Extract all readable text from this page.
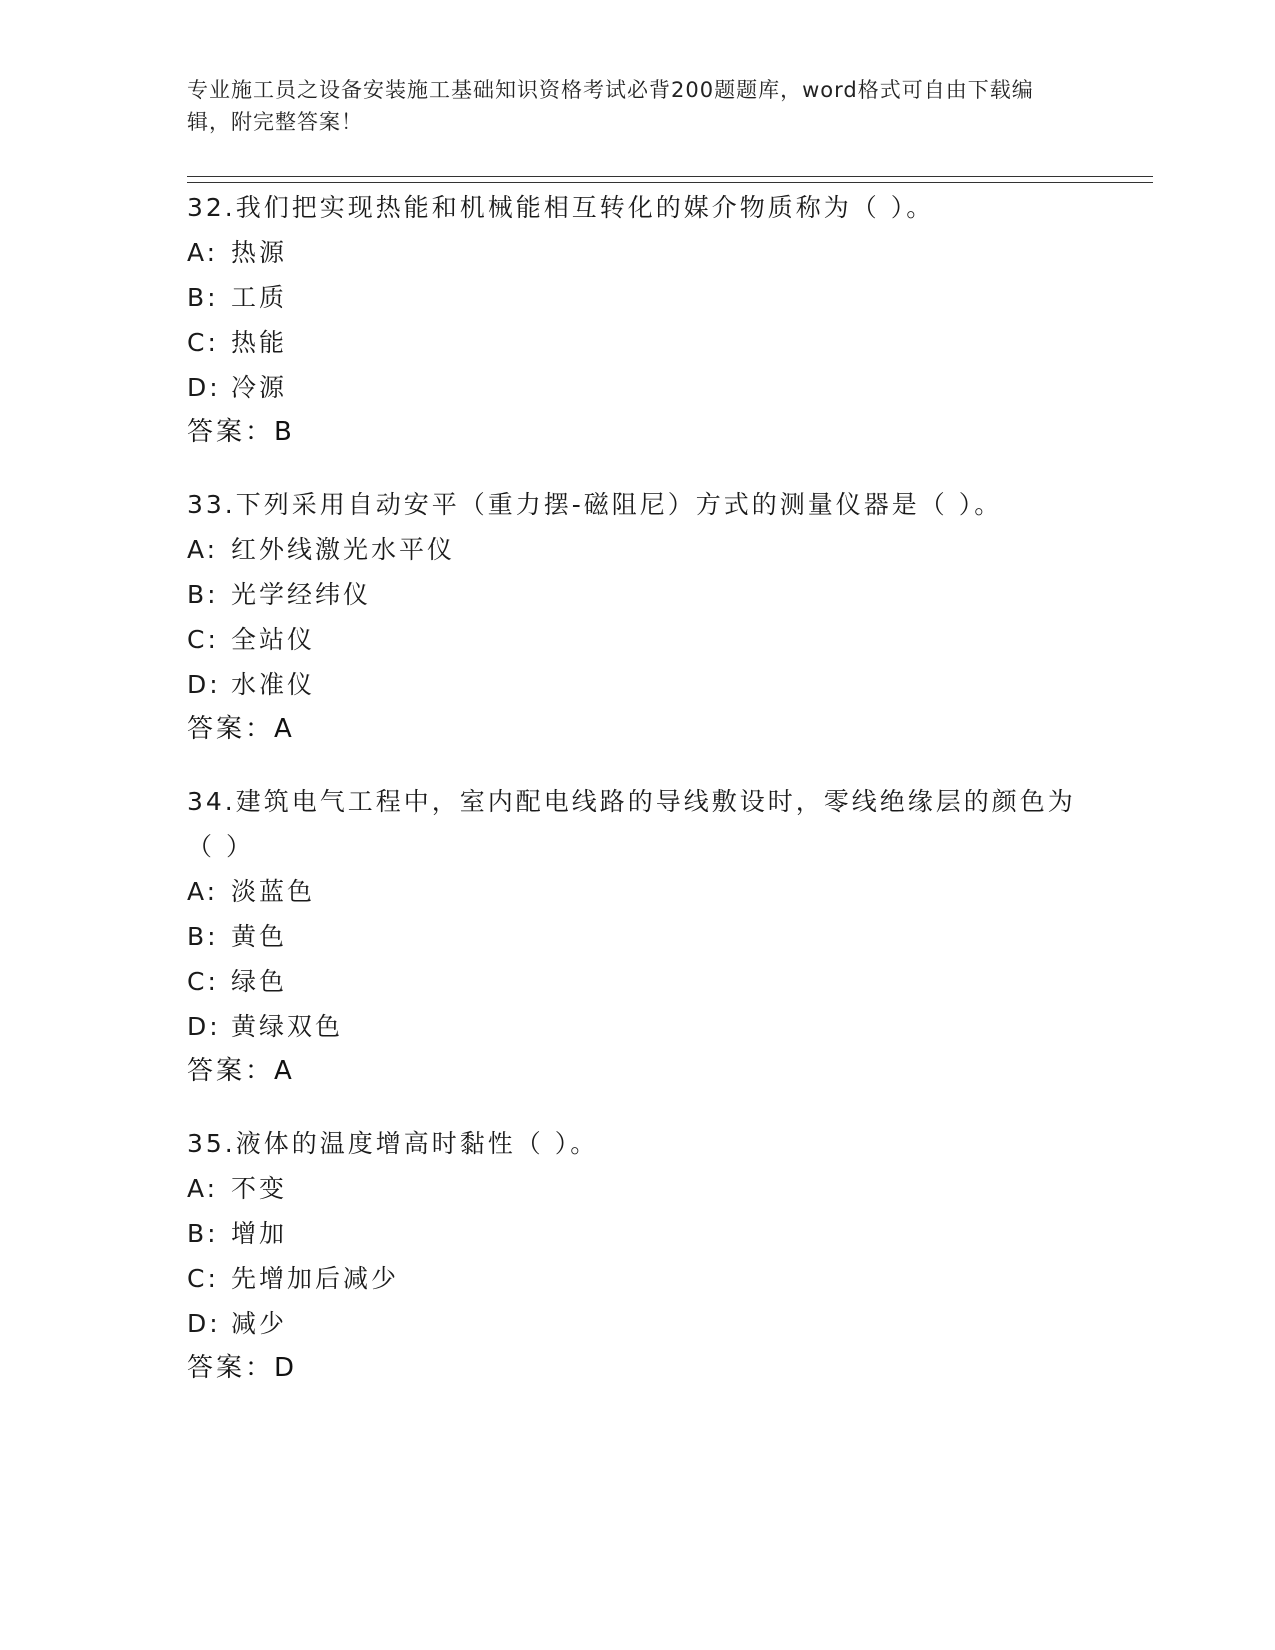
专业施工员之设备安装施工基础知识资格考试必背200题题库，word格式可自由下载编辑，附完整答案！

32.我们把实现热能和机械能相互转化的媒介物质称为（ ）。

A: 热源

B: 工质

C: 热能

D: 冷源

答案：B

33.下列采用自动安平（重力摆-磁阻尼）方式的测量仪器是（ ）。

A: 红外线激光水平仪

B: 光学经纬仪

C: 全站仪

D: 水准仪

答案：A

34.建筑电气工程中，室内配电线路的导线敷设时，零线绝缘层的颜色为（ ）

A: 淡蓝色

B: 黄色

C: 绿色

D: 黄绿双色

答案：A

35.液体的温度增高时黏性（ ）。

A: 不变

B: 增加

C: 先增加后减少

D: 减少

答案：D
